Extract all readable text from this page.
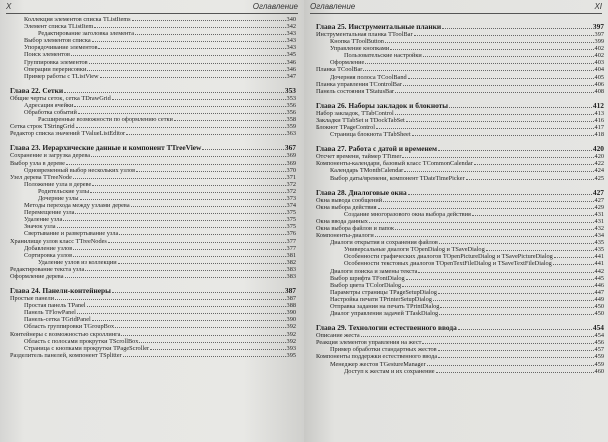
Х	Оглавление
Коллекция элементов списка TListItems	340
Элемент списка TListItem	342
Редактирование заголовка элемента	343
Выбор элементов списка	343
Упорядочивание элементов	343
Поиск элементов	345
Группировка элементов	346
Операции перерисовки	346
Пример работы с TListView	347
Глава 22. Сетки	353
Общие черты сеток, сетка TDrawGrid	353
Адресация ячейки	356
Обработка событий	356
Расширенные возможности по оформлению сетки	358
Сетка строк TStringGrid	359
Редактор списка значений TValueListEditor	363
Глава 23. Иерархические данные и компонент TTreeView	367
Сохранение и загрузка дерева	369
Выбор узла в дереве	369
Одновременный выбор нескольких узлов	370
Узел дерева TTreeNode	371
Положение узла в дереве	372
Родительские узлы	372
Дочерние узлы	373
Методы перехода между узлами дерева	374
Перемещение узла	375
Удаление узла	375
Значок узла	375
Свертывание и развертывание узла	376
Хранилище узлов класс TTreeNodes	377
Добавление узлов	377
Сортировка узлов	381
Удаление узлов из коллекции	382
Редактирование текста узла	383
Оформление дерева	383
Глава 24. Панели-контейнеры	387
Простые панели	387
Простая панель TPanel	388
Панель TFlowPanel	390
Панель-сетка TGridPanel	390
Область группировки TGroupBox	392
Контейнеры с возможностью скроллинга	392
Область с полосами прокрутки TScrollBox	392
Страница с кнопками прокрутки TPageScroller	393
Разделитель панелей, компонент TSplitter	395
Оглавление	XI
Глава 25. Инструментальные планки	397
Инструментальная планка TToolBar	397
Кнопка TToolButton	399
Управление кнопками	402
Пользовательские настройки	402
Оформление	403
Планка TCoolBar	404
Дочерняя полоса TCoolBand	405
Планка управления TControlBar	406
Панель состояния TStatusBar	408
Глава 26. Наборы закладок и блокноты	412
Набор закладок, TTabControl	413
Закладки TTabSet и TDockTabSet	416
Блокнот TPageControl	417
Страница блокнота TTabSheet	418
Глава 27. Работа с датой и временем	420
Отсчет времени, таймер TTimer	420
Компоненты-календари, базовый класс TCommonCalendar	422
Календарь TMonthCalendar	424
Выбор даты/времени, компонент TDateTimePicker	425
Глава 28. Диалоговые окна	427
Окна вывода сообщений	427
Окна выбора действия	429
Создание многоразового окна выбора действия	431
Окна ввода данных	431
Окна выбора файлов и папок	432
Компоненты-диалоги	434
Диалоги открытия и сохранения файлов	435
Универсальные диалоги TOpenDialog и TSaveDialog	435
Особенности графических диалогов TOpenPictureDialog и TSavePictureDialog	441
Особенности текстовых диалогов TOpenTextFileDialog и TSaveTextFileDialog	441
Диалоги поиска и замены текста	442
Выбор шрифта TFontDialog	445
Выбор цвета TColorDialog	446
Параметры страницы TPageSetupDialog	447
Настройка печати TPrinterSetupDialog	449
Отправка задания на печать TPrintDialog	450
Диалог управления задачей TTaskDialog	450
Глава 29. Технологии естественного ввода	454
Описание жеста	454
Реакция элементов управления на жест	456
Пример обработки стандартных жестов	457
Компоненты поддержки естественного ввода	459
Менеджер жестов TGestureManager	459
Доступ к жестам и их сохранение	460
